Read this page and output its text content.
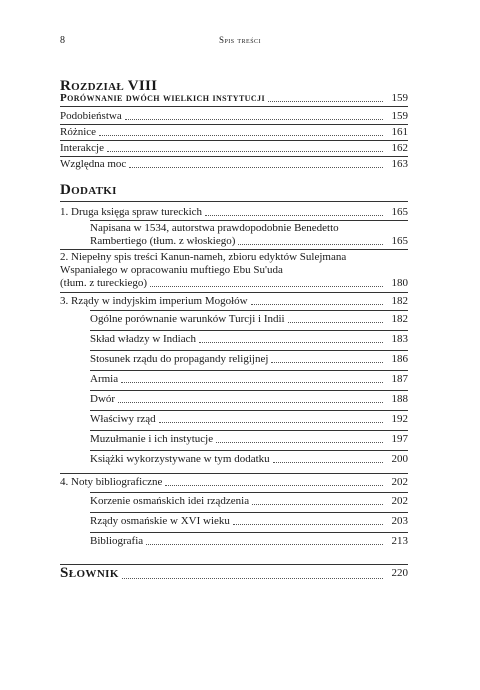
8	Spis treści
Rozdział VIII
Porównanie dwóch wielkich instytucji	159
Podobieństwa	159
Różnice	161
Interakcje	162
Względna moc	163
Dodatki
1. Druga księga spraw tureckich	165
Napisana w 1534, autorstwa prawdopodobnie Benedetto
Rambertiego (tłum. z włoskiego)	165
2. Niepełny spis treści Kanun-nameh, zbioru edyktów Sulejmana
Wspaniałego w opracowaniu muftiego Ebu Su'uda
(tłum. z tureckiego)	180
3. Rządy w indyjskim imperium Mogołów	182
Ogólne porównanie warunków Turcji i Indii	182
Skład władzy w Indiach	183
Stosunek rządu do propagandy religijnej	186
Armia	187
Dwór	188
Właściwy rząd	192
Muzułmanie i ich instytucje	197
Książki wykorzystywane w tym dodatku	200
4. Noty bibliograficzne	202
Korzenie osmańskich idei rządzenia	202
Rządy osmańskie w XVI wieku	203
Bibliografia	213
Słownik	220
